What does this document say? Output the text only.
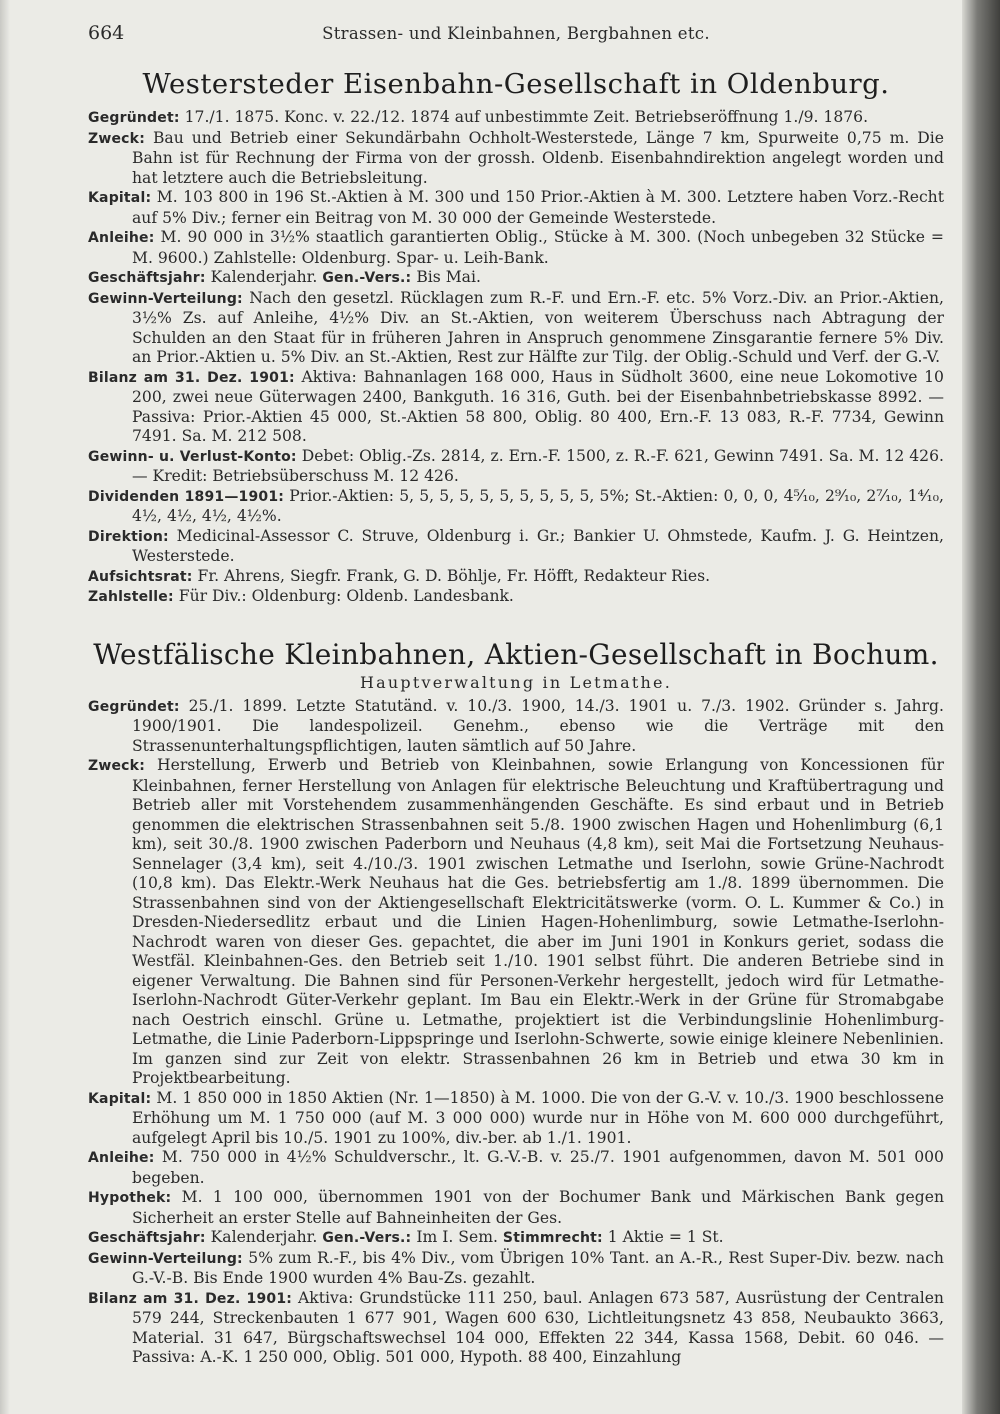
664	Strassen- und Kleinbahnen, Bergbahnen etc.
Westersteder Eisenbahn-Gesellschaft in Oldenburg.

Gegründet: 17./1. 1875. Konc. v. 22./12. 1874 auf unbestimmte Zeit. Betriebseröffnung 1./9. 1876.

Zweck: Bau und Betrieb einer Sekundärbahn Ochholt-Westerstede, Länge 7 km, Spurweite 0,75 m. Die Bahn ist für Rechnung der Firma von der grossh. Oldenb. Eisenbahndirektion angelegt worden und hat letztere auch die Betriebsleitung.

Kapital: M. 103 800 in 196 St.-Aktien à M. 300 und 150 Prior.-Aktien à M. 300. Letztere haben Vorz.-Recht auf 5% Div.; ferner ein Beitrag von M. 30 000 der Gemeinde Westerstede.

Anleihe: M. 90 000 in 3½% staatlich garantierten Oblig., Stücke à M. 300. (Noch unbegeben 32 Stücke = M. 9600.) Zahlstelle: Oldenburg. Spar- u. Leih-Bank.

Geschäftsjahr: Kalenderjahr. Gen.-Vers.: Bis Mai.

Gewinn-Verteilung: Nach den gesetzl. Rücklagen zum R.-F. und Ern.-F. etc. 5% Vorz.-Div. an Prior.-Aktien, 3½% Zs. auf Anleihe, 4½% Div. an St.-Aktien, von weiterem Überschuss nach Abtragung der Schulden an den Staat für in früheren Jahren in Anspruch genommene Zinsgarantie fernere 5% Div. an Prior.-Aktien u. 5% Div. an St.-Aktien, Rest zur Hälfte zur Tilg. der Oblig.-Schuld und Verf. der G.-V.

Bilanz am 31. Dez. 1901: Aktiva: Bahnanlagen 168 000, Haus in Südholt 3600, eine neue Lokomotive 10 200, zwei neue Güterwagen 2400, Bankguth. 16 316, Guth. bei der Eisenbahnbetriebskasse 8992. — Passiva: Prior.-Aktien 45 000, St.-Aktien 58 800, Oblig. 80 400, Ern.-F. 13 083, R.-F. 7734, Gewinn 7491. Sa. M. 212 508.

Gewinn- u. Verlust-Konto: Debet: Oblig.-Zs. 2814, z. Ern.-F. 1500, z. R.-F. 621, Gewinn 7491. Sa. M. 12 426. — Kredit: Betriebsüberschuss M. 12 426.

Dividenden 1891—1901: Prior.-Aktien: 5, 5, 5, 5, 5, 5, 5, 5, 5, 5, 5%; St.-Aktien: 0, 0, 0, 4⁵⁄₁₀, 2⁹⁄₁₀, 2⁷⁄₁₀, 1⁴⁄₁₀, 4½, 4½, 4½, 4½%.

Direktion: Medicinal-Assessor C. Struve, Oldenburg i. Gr.; Bankier U. Ohmstede, Kaufm. J. G. Heintzen, Westerstede.

Aufsichtsrat: Fr. Ahrens, Siegfr. Frank, G. D. Böhlje, Fr. Höfft, Redakteur Ries.

Zahlstelle: Für Div.: Oldenburg: Oldenb. Landesbank.

Westfälische Kleinbahnen, Aktien-Gesellschaft in Bochum.
Hauptverwaltung in Letmathe.

Gegründet: 25./1. 1899. Letzte Statutänd. v. 10./3. 1900, 14./3. 1901 u. 7./3. 1902. Gründer s. Jahrg. 1900/1901. Die landespolizeil. Genehm., ebenso wie die Verträge mit den Strassenunterhaltungspflichtigen, lauten sämtlich auf 50 Jahre.

Zweck: Herstellung, Erwerb und Betrieb von Kleinbahnen, sowie Erlangung von Koncessionen für Kleinbahnen, ferner Herstellung von Anlagen für elektrische Beleuchtung und Kraftübertragung und Betrieb aller mit Vorstehendem zusammenhängenden Geschäfte. Es sind erbaut und in Betrieb genommen die elektrischen Strassenbahnen seit 5./8. 1900 zwischen Hagen und Hohenlimburg (6,1 km), seit 30./8. 1900 zwischen Paderborn und Neuhaus (4,8 km), seit Mai die Fortsetzung Neuhaus-Sennelager (3,4 km), seit 4./10./3. 1901 zwischen Letmathe und Iserlohn, sowie Grüne-Nachrodt (10,8 km). Das Elektr.-Werk Neuhaus hat die Ges. betriebsfertig am 1./8. 1899 übernommen. Die Strassenbahnen sind von der Aktiengesellschaft Elektricitätswerke (vorm. O. L. Kummer & Co.) in Dresden-Niedersedlitz erbaut und die Linien Hagen-Hohenlimburg, sowie Letmathe-Iserlohn-Nachrodt waren von dieser Ges. gepachtet, die aber im Juni 1901 in Konkurs geriet, sodass die Westfäl. Kleinbahnen-Ges. den Betrieb seit 1./10. 1901 selbst führt. Die anderen Betriebe sind in eigener Verwaltung. Die Bahnen sind für Personen-Verkehr hergestellt, jedoch wird für Letmathe-Iserlohn-Nachrodt Güter-Verkehr geplant. Im Bau ein Elektr.-Werk in der Grüne für Stromabgabe nach Oestrich einschl. Grüne u. Letmathe, projektiert ist die Verbindungslinie Hohenlimburg-Letmathe, die Linie Paderborn-Lippspringe und Iserlohn-Schwerte, sowie einige kleinere Nebenlinien. Im ganzen sind zur Zeit von elektr. Strassenbahnen 26 km in Betrieb und etwa 30 km in Projektbearbeitung.

Kapital: M. 1 850 000 in 1850 Aktien (Nr. 1—1850) à M. 1000. Die von der G.-V. v. 10./3. 1900 beschlossene Erhöhung um M. 1 750 000 (auf M. 3 000 000) wurde nur in Höhe von M. 600 000 durchgeführt, aufgelegt April bis 10./5. 1901 zu 100%, div.-ber. ab 1./1. 1901.

Anleihe: M. 750 000 in 4½% Schuldverschr., lt. G.-V.-B. v. 25./7. 1901 aufgenommen, davon M. 501 000 begeben.

Hypothek: M. 1 100 000, übernommen 1901 von der Bochumer Bank und Märkischen Bank gegen Sicherheit an erster Stelle auf Bahneinheiten der Ges.

Geschäftsjahr: Kalenderjahr. Gen.-Vers.: Im I. Sem. Stimmrecht: 1 Aktie = 1 St.

Gewinn-Verteilung: 5% zum R.-F., bis 4% Div., vom Übrigen 10% Tant. an A.-R., Rest Super-Div. bezw. nach G.-V.-B. Bis Ende 1900 wurden 4% Bau-Zs. gezahlt.

Bilanz am 31. Dez. 1901: Aktiva: Grundstücke 111 250, baul. Anlagen 673 587, Ausrüstung der Centralen 579 244, Streckenbauten 1 677 901, Wagen 600 630, Lichtleitungsnetz 43 858, Neubaukto 3663, Material. 31 647, Bürgschaftswechsel 104 000, Effekten 22 344, Kassa 1568, Debit. 60 046. — Passiva: A.-K. 1 250 000, Oblig. 501 000, Hypoth. 88 400, Einzahlung
